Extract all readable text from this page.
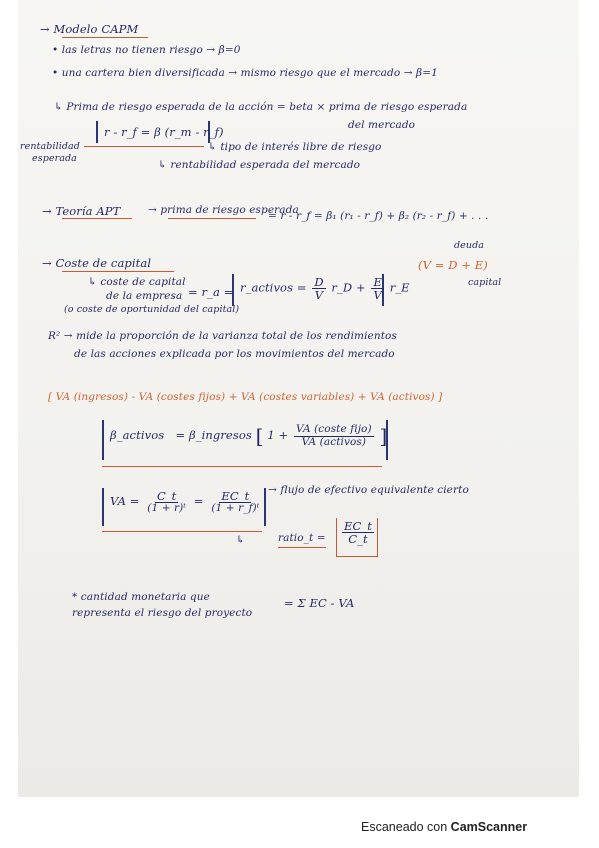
→ Modelo CAPM
• las letras no tienen riesgo → β=0
• una cartera bien diversificada → mismo riesgo que el mercado → β=1
↳ Prima de riesgo esperada de la acción = beta × prima de riesgo esperada
del mercado
r - r_f = β (r_m - r_f)
rentabilidad
esperada
↳ tipo de interés libre de riesgo
↳ rentabilidad esperada del mercado
→ Teoría APT	→ prima de riesgo esperada
= r - r_f = β₁ (r₁ - r_f) + β₂ (r₂ - r_f) + . . .
→ Coste de capital
↳ coste de capital
de la empresa
(o coste de oportunidad del capital)
= r_a = r_activos = $\frac{D}{V}$ r_D + $\frac{E}{V}$ r_E
deuda
(V = D + E)
capital
R² → mide la proporción de la varianza total de los rendimientos
de las acciones explicada por los movimientos del mercado
[ VA (ingresos) - VA (costes fijos) + VA (costes variables) + VA (activos) ]
β_activos = β_ingresos [ $1 + \frac{\text{VA (coste fijo)}}{\text{VA (activos)}}$ ]
VA = $\frac{C\_t}{\text{(1 + r)ᵗ}} = \frac{EC\_t}{\text{(1 + r\_f)ᵗ}}$ → flujo de efectivo equivalente cierto
↳	ratio_t = $\frac{EC\_t}{C\_t}$
* cantidad monetaria que
representa el riesgo del proyecto
= Σ EC - VA
Escaneado con CamScanner
